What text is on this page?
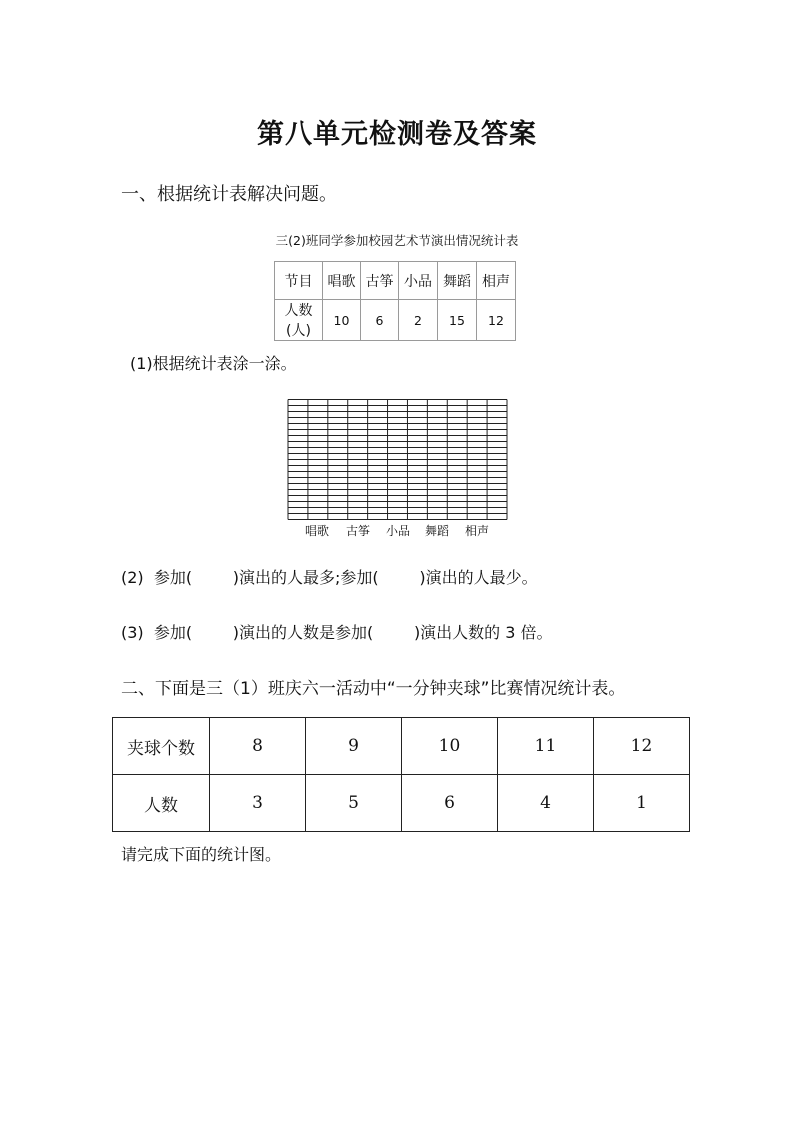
第八单元检测卷及答案
一、根据统计表解决问题。
三(2)班同学参加校园艺术节演出情况统计表
节目	唱歌	古筝	小品	舞蹈	相声
人数(人)	10	6	2	15	12
(1)根据统计表涂一涂。
唱歌 古筝 小品 舞蹈 相声
(2)  参加(        )演出的人最多;参加(        )演出的人最少。
(3)  参加(        )演出的人数是参加(        )演出人数的 3 倍。
二、下面是三（1）班庆六一活动中“一分钟夹球”比赛情况统计表。
夹球个数	8	9	10	11	12
人数	3	5	6	4	1
请完成下面的统计图。
